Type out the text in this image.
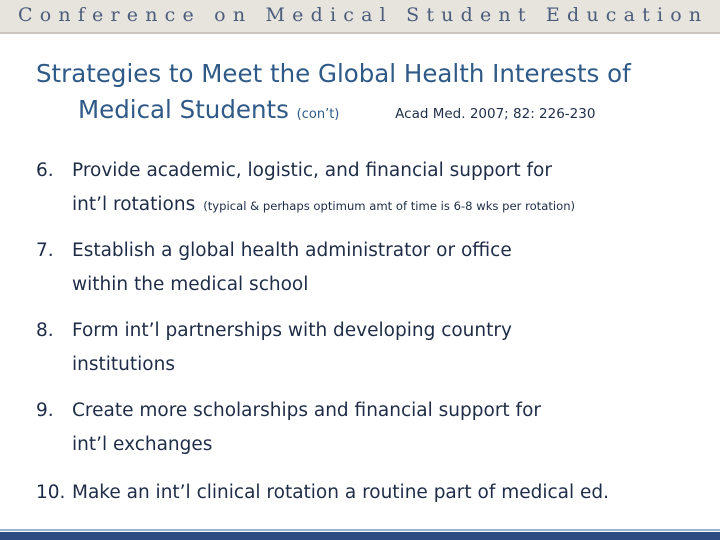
Conference on Medical Student Education
Strategies to Meet the Global Health Interests of
Medical Students (con’t)	Acad Med. 2007; 82: 226-230
6. Provide academic, logistic, and financial support for
int’l rotations (typical & perhaps optimum amt of time is 6-8 wks per rotation)
7. Establish a global health administrator or office
within the medical school
8. Form int’l partnerships with developing country
institutions
9. Create more scholarships and financial support for
int’l exchanges
10. Make an int’l clinical rotation a routine part of medical ed.
